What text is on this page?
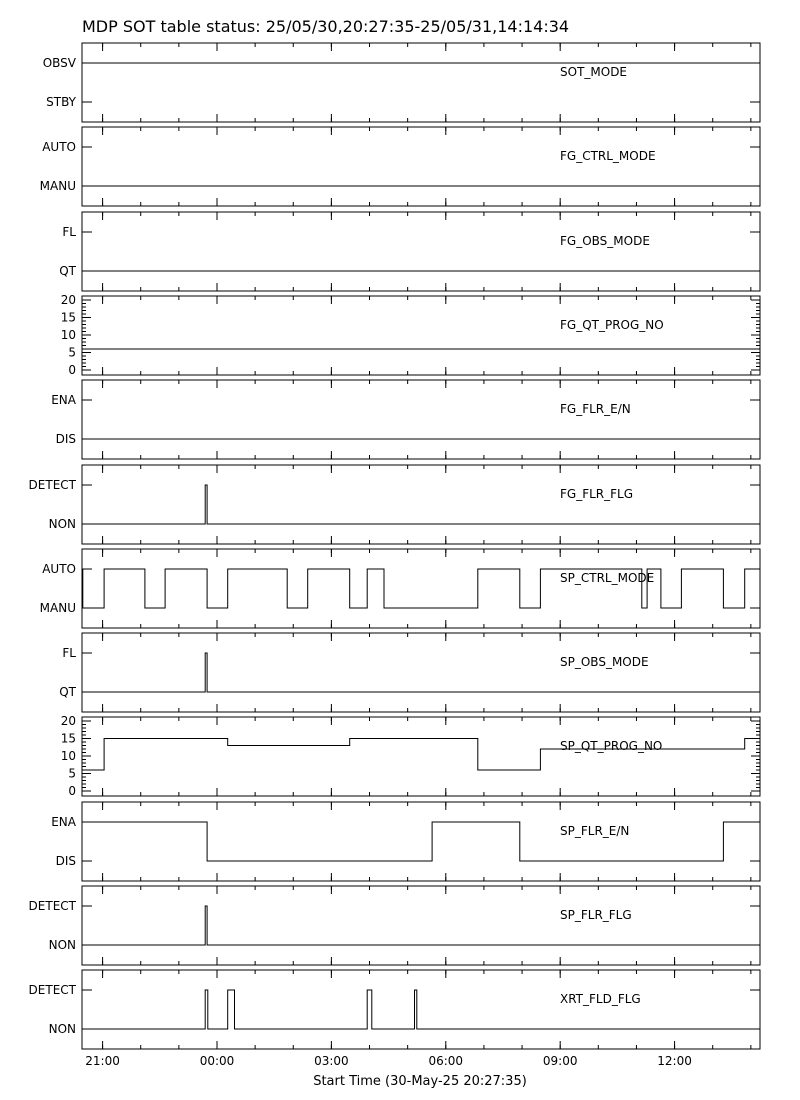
MDP SOT table status: 25/05/30,20:27:35-25/05/31,14:14:34
OBSV
STBY
SOT_MODE
AUTO
MANU
FG_CTRL_MODE
FL
QT
FG_OBS_MODE
0
5
10
15
20
FG_QT_PROG_NO
ENA
DIS
FG_FLR_E/N
DETECT
NON
FG_FLR_FLG
AUTO
MANU
SP_CTRL_MODE
FL
QT
SP_OBS_MODE
0
5
10
15
20
SP_QT_PROG_NO
ENA
DIS
SP_FLR_E/N
DETECT
NON
SP_FLR_FLG
DETECT
NON
XRT_FLD_FLG
21:00	00:00	03:00	06:00	09:00	12:00
Start Time (30-May-25 20:27:35)
